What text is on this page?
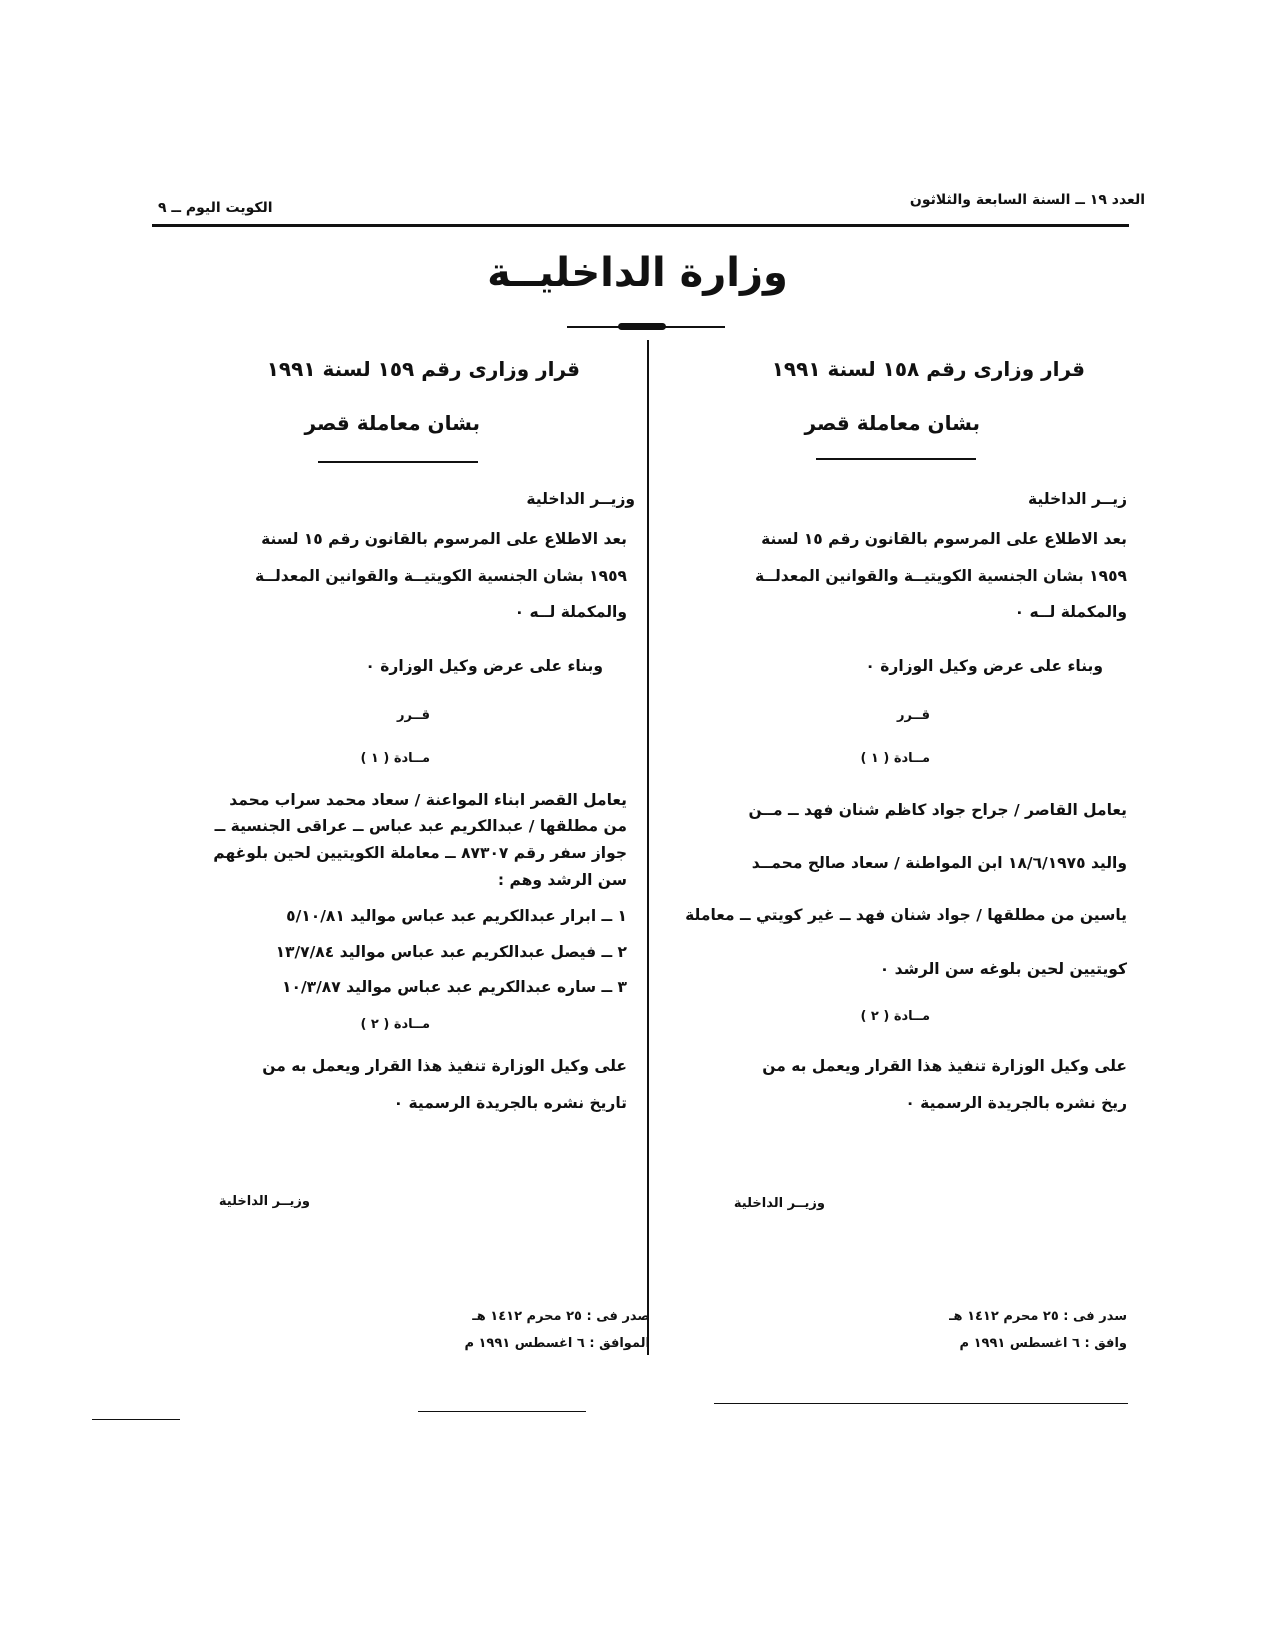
العدد ١٩ ــ السنة السابعة والثلاثون
الكويت اليوم ــ ٩
وزارة الداخليــة
قرار وزارى رقم ١٥٨ لسنة ١٩٩١
بشان معاملة قصر
زيــر الداخلية
بعد الاطلاع على المرسوم بالقانون رقم ١٥ لسنة
١٩٥٩ بشان الجنسية الكويتيــة والقوانين المعدلــة
والمكملة لــه ٠
وبناء على عرض وكيل الوزارة ٠
قــرر
مــادة ( ١ )
يعامل القاصر / جراح جواد كاظم شنان فهد ــ مــن
واليد ١٨/٦/١٩٧٥ ابن المواطنة / سعاد صالح محمــد
ياسين من مطلقها / جواد شنان فهد ــ غير كويتي ــ معاملة
كويتيين لحين بلوغه سن الرشد ٠
مــادة ( ٢ )
على وكيل الوزارة تنفيذ هذا القرار ويعمل به من
ريخ نشره بالجريدة الرسمية ٠
وزيــر الداخلية
سدر فى : ٢٥ محرم ١٤١٢ هـ
وافق : ٦ اغسطس ١٩٩١ م
قرار وزارى رقم ١٥٩ لسنة ١٩٩١
بشان معاملة قصر
وزيــر الداخلية
بعد الاطلاع على المرسوم بالقانون رقم ١٥ لسنة
١٩٥٩ بشان الجنسية الكويتيــة والقوانين المعدلــة
والمكملة لــه ٠
وبناء على عرض وكيل الوزارة ٠
قــرر
مــادة ( ١ )
يعامل القصر ابناء المواعنة / سعاد محمد سراب محمد
من مطلقها / عبدالكريم عبد عباس ــ عراقى الجنسية ــ
جواز سفر رقم ٨٧٣٠٧ ــ معاملة الكويتيين لحين بلوغهم
سن الرشد وهم :
١ ــ ابرار عبدالكريم عبد عباس مواليد ٥/١٠/٨١
٢ ــ فيصل عبدالكريم عبد عباس مواليد ١٣/٧/٨٤
٣ ــ ساره عبدالكريم عبد عباس مواليد ١٠/٣/٨٧
مــادة ( ٢ )
على وكيل الوزارة تنفيذ هذا القرار ويعمل به من
تاريخ نشره بالجريدة الرسمية ٠
وزيــر الداخلية
صدر فى : ٢٥ محرم ١٤١٢ هـ
الموافق : ٦ اغسطس ١٩٩١ م
